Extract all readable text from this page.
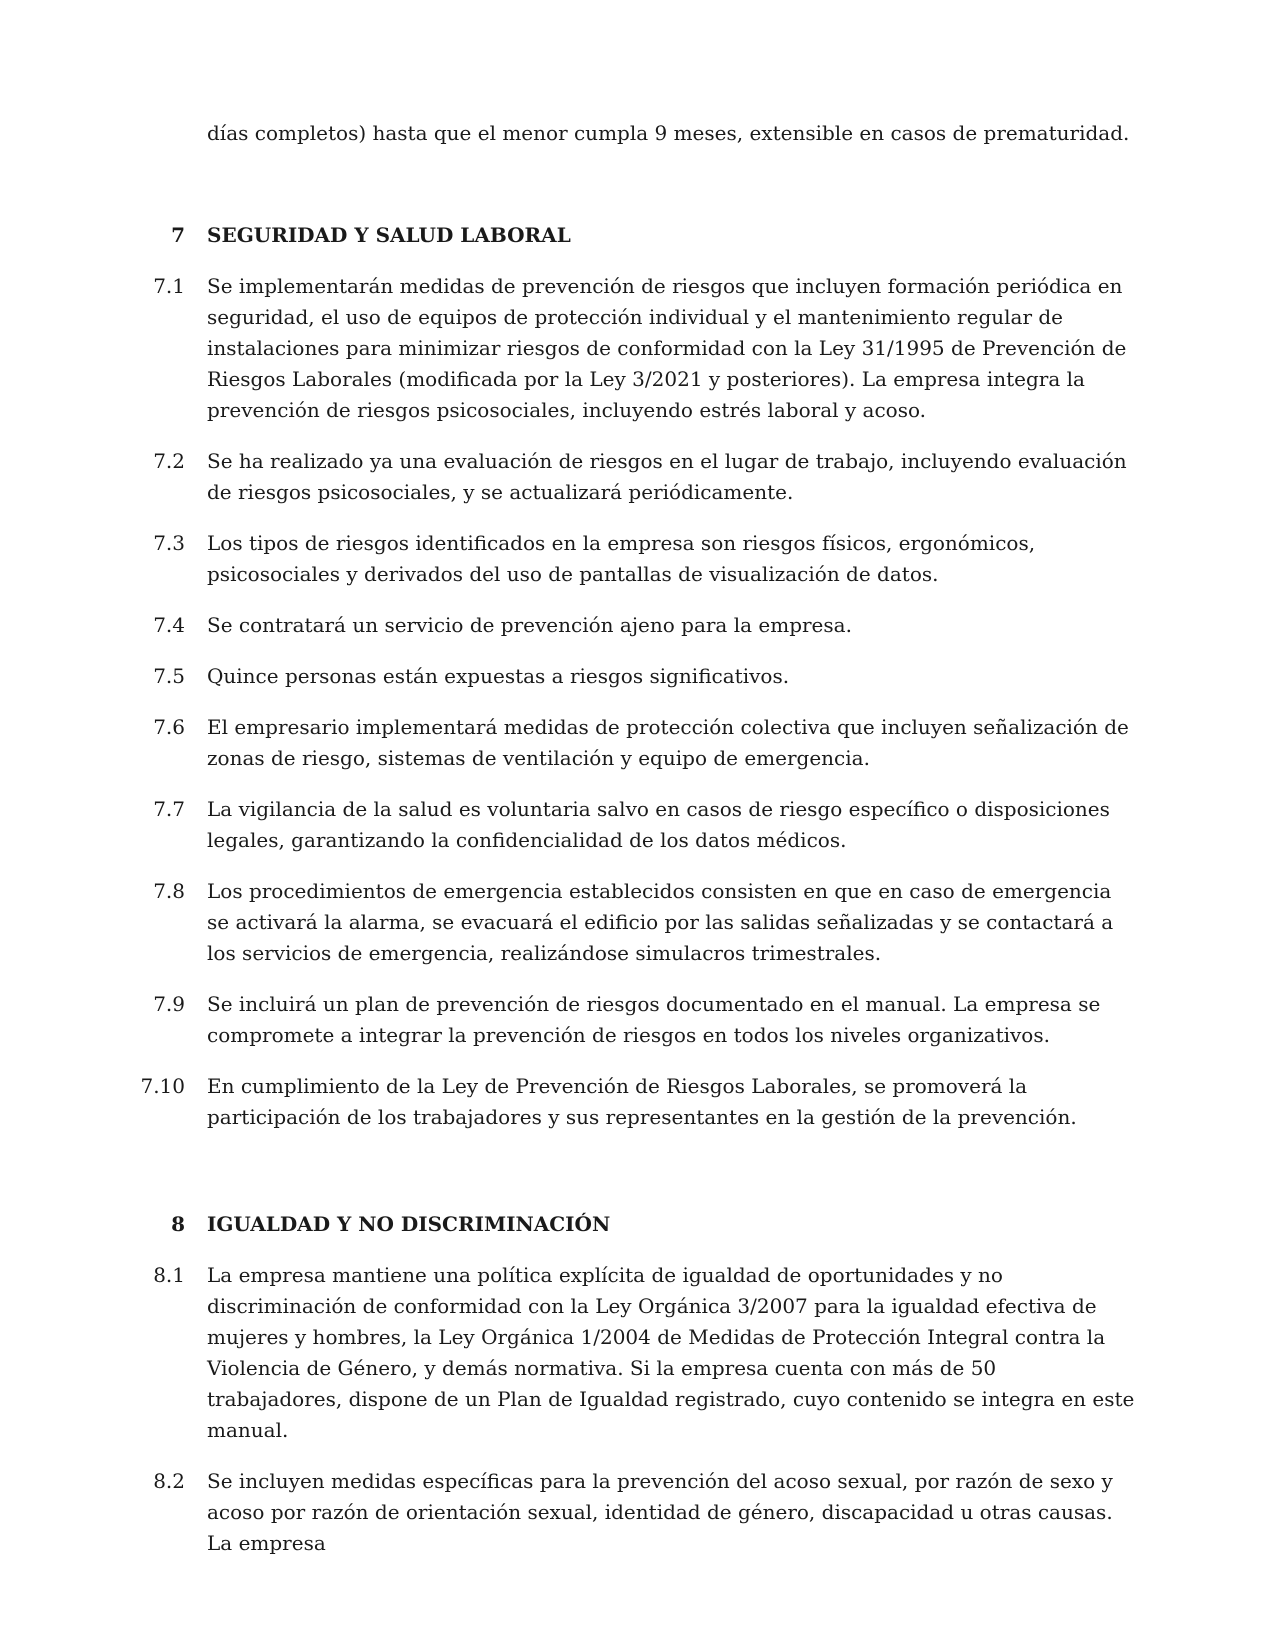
días completos) hasta que el menor cumpla 9 meses, extensible en casos de prematuridad.

7 SEGURIDAD Y SALUD LABORAL
7.1 Se implementarán medidas de prevención de riesgos que incluyen formación periódica en seguridad, el uso de equipos de protección individual y el mantenimiento regular de instalaciones para minimizar riesgos de conformidad con la Ley 31/1995 de Prevención de Riesgos Laborales (modificada por la Ley 3/2021 y posteriores). La empresa integra la prevención de riesgos psicosociales, incluyendo estrés laboral y acoso.
7.2 Se ha realizado ya una evaluación de riesgos en el lugar de trabajo, incluyendo evaluación de riesgos psicosociales, y se actualizará periódicamente.
7.3 Los tipos de riesgos identificados en la empresa son riesgos físicos, ergonómicos, psicosociales y derivados del uso de pantallas de visualización de datos.
7.4 Se contratará un servicio de prevención ajeno para la empresa.
7.5 Quince personas están expuestas a riesgos significativos.
7.6 El empresario implementará medidas de protección colectiva que incluyen señalización de zonas de riesgo, sistemas de ventilación y equipo de emergencia.
7.7 La vigilancia de la salud es voluntaria salvo en casos de riesgo específico o disposiciones legales, garantizando la confidencialidad de los datos médicos.
7.8 Los procedimientos de emergencia establecidos consisten en que en caso de emergencia se activará la alarma, se evacuará el edificio por las salidas señalizadas y se contactará a los servicios de emergencia, realizándose simulacros trimestrales.
7.9 Se incluirá un plan de prevención de riesgos documentado en el manual. La empresa se compromete a integrar la prevención de riesgos en todos los niveles organizativos.
7.10 En cumplimiento de la Ley de Prevención de Riesgos Laborales, se promoverá la participación de los trabajadores y sus representantes en la gestión de la prevención.
8 IGUALDAD Y NO DISCRIMINACIÓN
8.1 La empresa mantiene una política explícita de igualdad de oportunidades y no discriminación de conformidad con la Ley Orgánica 3/2007 para la igualdad efectiva de mujeres y hombres, la Ley Orgánica 1/2004 de Medidas de Protección Integral contra la Violencia de Género, y demás normativa. Si la empresa cuenta con más de 50 trabajadores, dispone de un Plan de Igualdad registrado, cuyo contenido se integra en este manual.
8.2 Se incluyen medidas específicas para la prevención del acoso sexual, por razón de sexo y acoso por razón de orientación sexual, identidad de género, discapacidad u otras causas. La empresa
